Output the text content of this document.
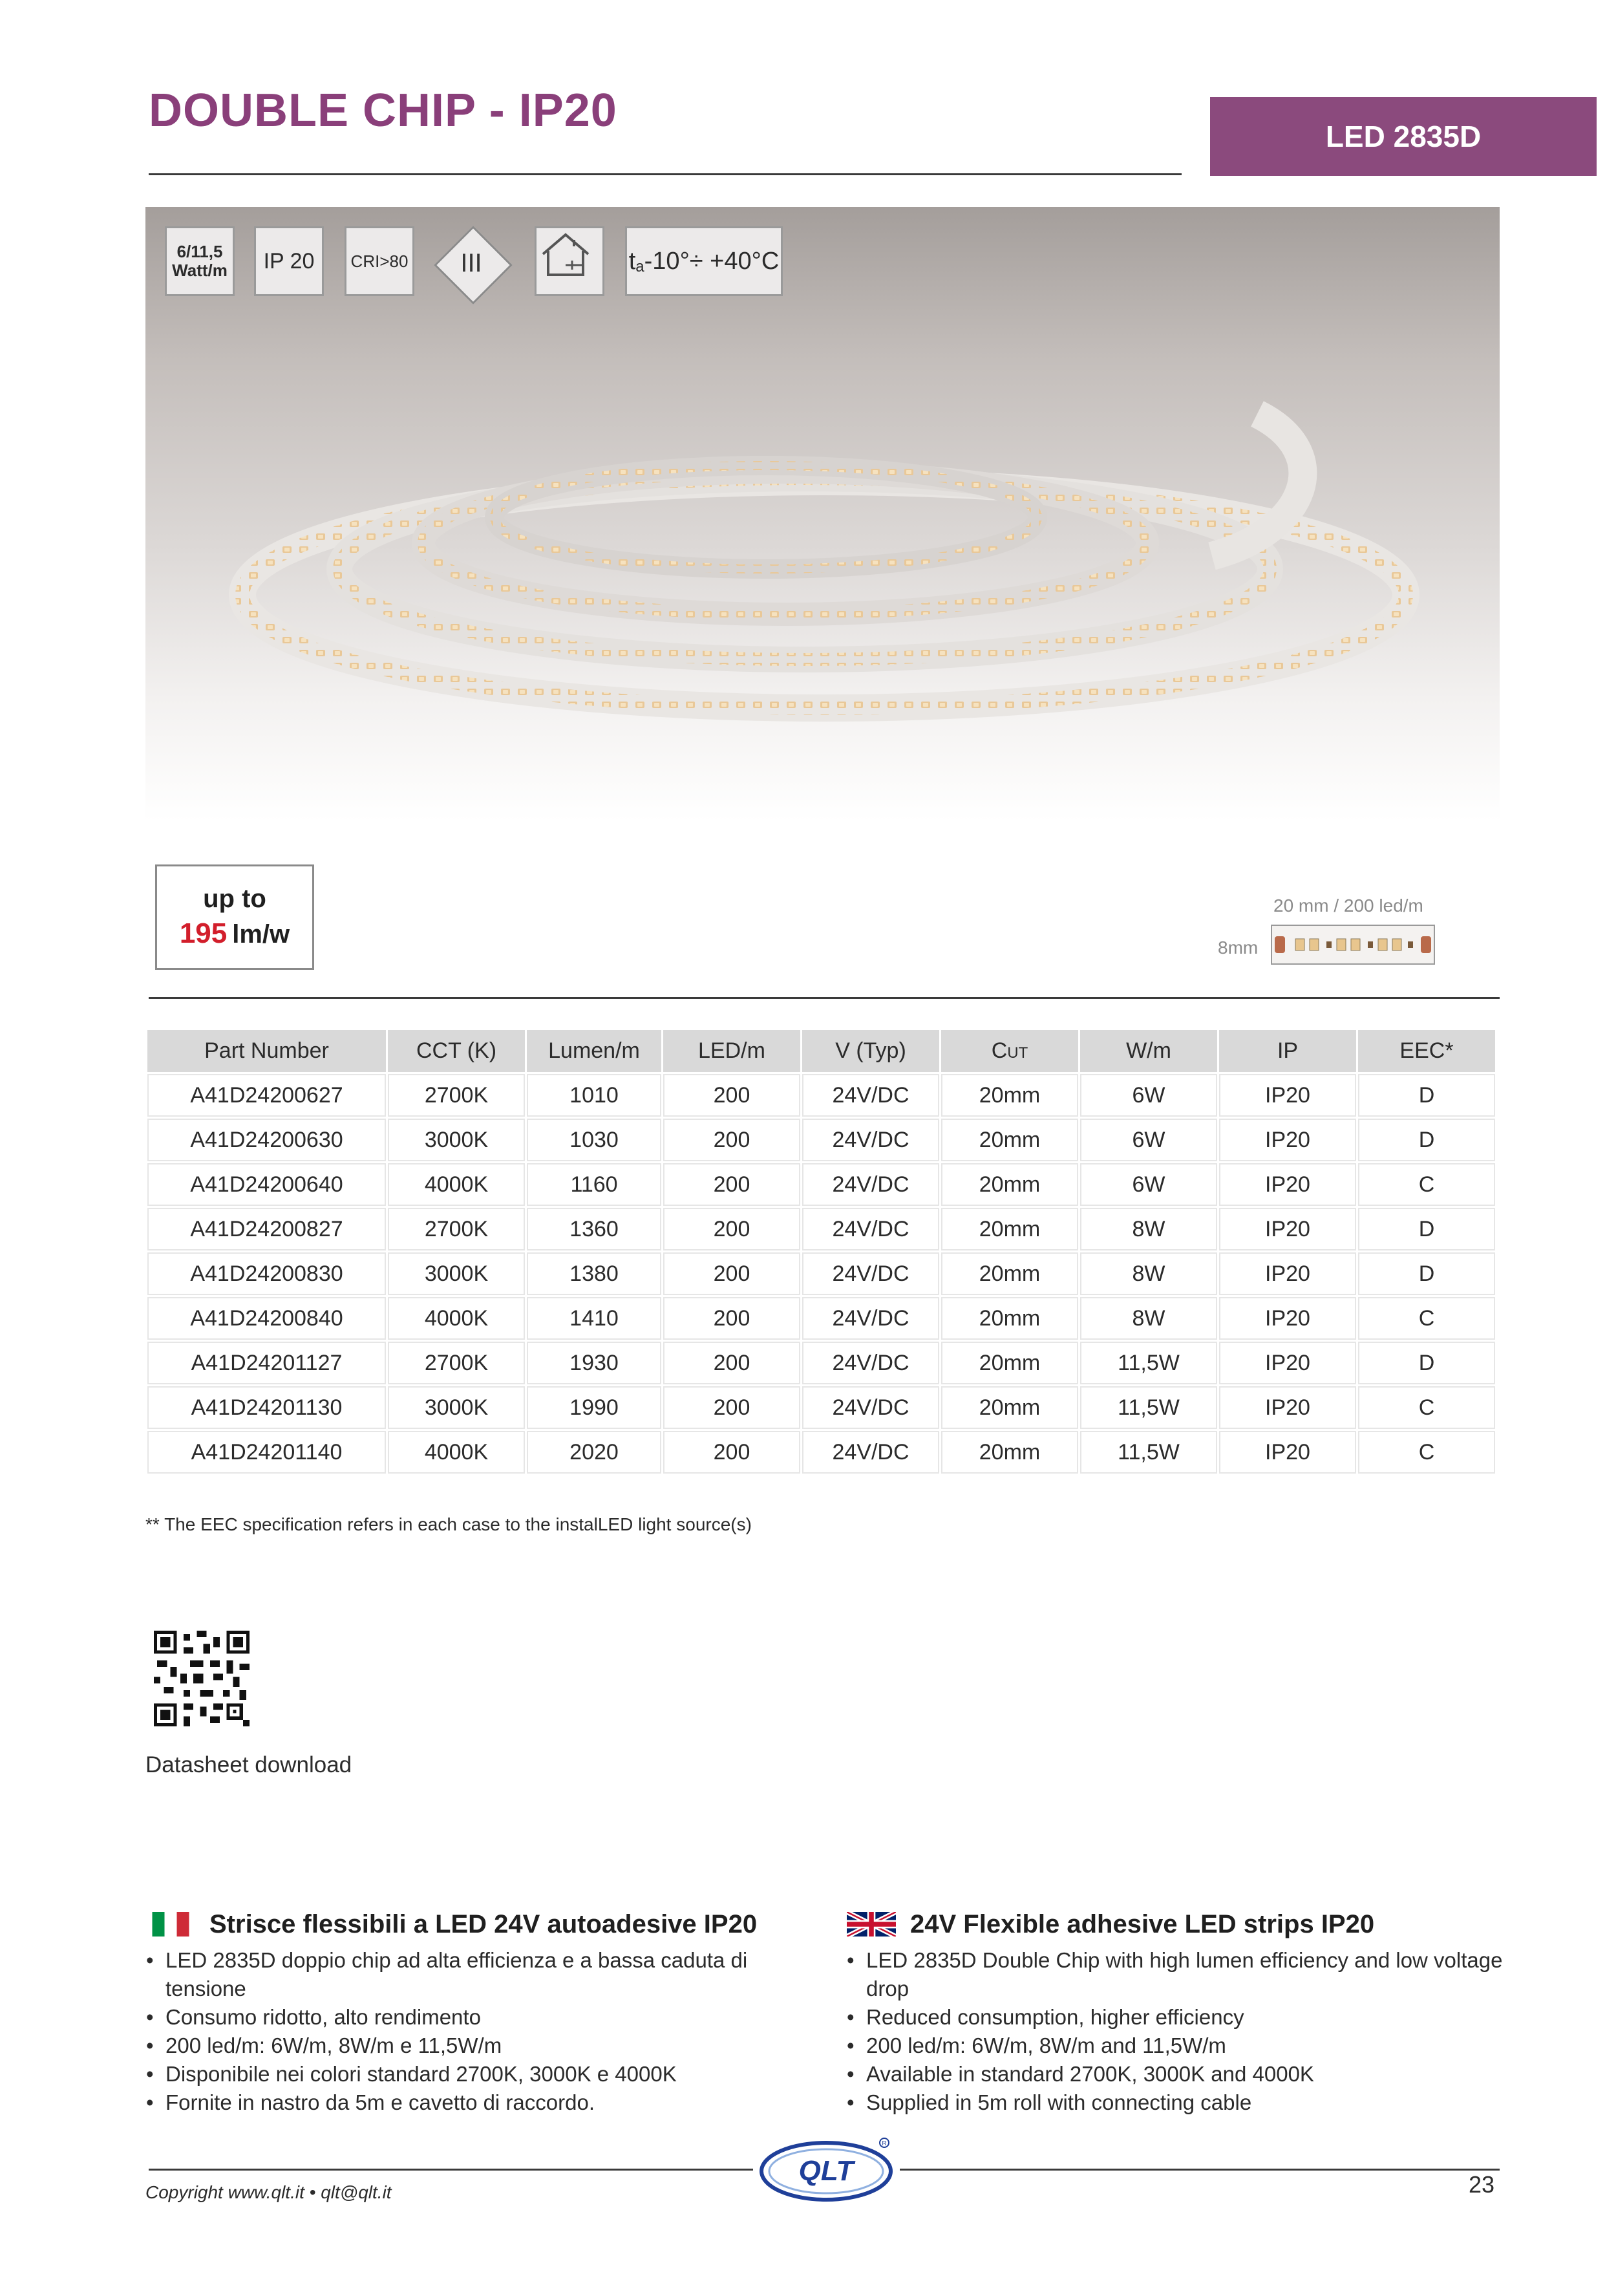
DOUBLE CHIP - IP20	LED 2835D
6/11,5
Watt/m	IP 20	CRI>80	III	t a -10°÷ +40°C
up to
195 lm/w
20 mm / 200 led/m
8mm
Part Number	CCT (K)	Lumen/m	LED/m	V (Typ)	Cut	W/m	IP	EEC*
A41D24200627	2700K	1010	200	24V/DC	20mm	6W	IP20	D
A41D24200630	3000K	1030	200	24V/DC	20mm	6W	IP20	D
A41D24200640	4000K	1160	200	24V/DC	20mm	6W	IP20	C
A41D24200827	2700K	1360	200	24V/DC	20mm	8W	IP20	D
A41D24200830	3000K	1380	200	24V/DC	20mm	8W	IP20	D
A41D24200840	4000K	1410	200	24V/DC	20mm	8W	IP20	C
A41D24201127	2700K	1930	200	24V/DC	20mm	11,5W	IP20	D
A41D24201130	3000K	1990	200	24V/DC	20mm	11,5W	IP20	C
A41D24201140	4000K	2020	200	24V/DC	20mm	11,5W	IP20	C
** The EEC specification refers in each case to the instalLED light source(s)
Datasheet download
Strisce flessibili a LED 24V autoadesive IP20
• LED 2835D doppio chip ad alta efficienza e a bassa caduta di tensione
• Consumo ridotto, alto rendimento
• 200 led/m: 6W/m, 8W/m e 11,5W/m
• Disponibile nei colori standard 2700K, 3000K e 4000K
• Fornite in nastro da 5m e cavetto di raccordo.
24V Flexible adhesive LED strips IP20
• LED 2835D Double Chip with high lumen efficiency and low voltage drop
• Reduced consumption, higher efficiency
• 200 led/m: 6W/m, 8W/m and 11,5W/m
• Available in standard 2700K, 3000K and 4000K
• Supplied in 5m roll with connecting cable
QLT
R
Copyright www.qlt.it • qlt@qlt.it	23
